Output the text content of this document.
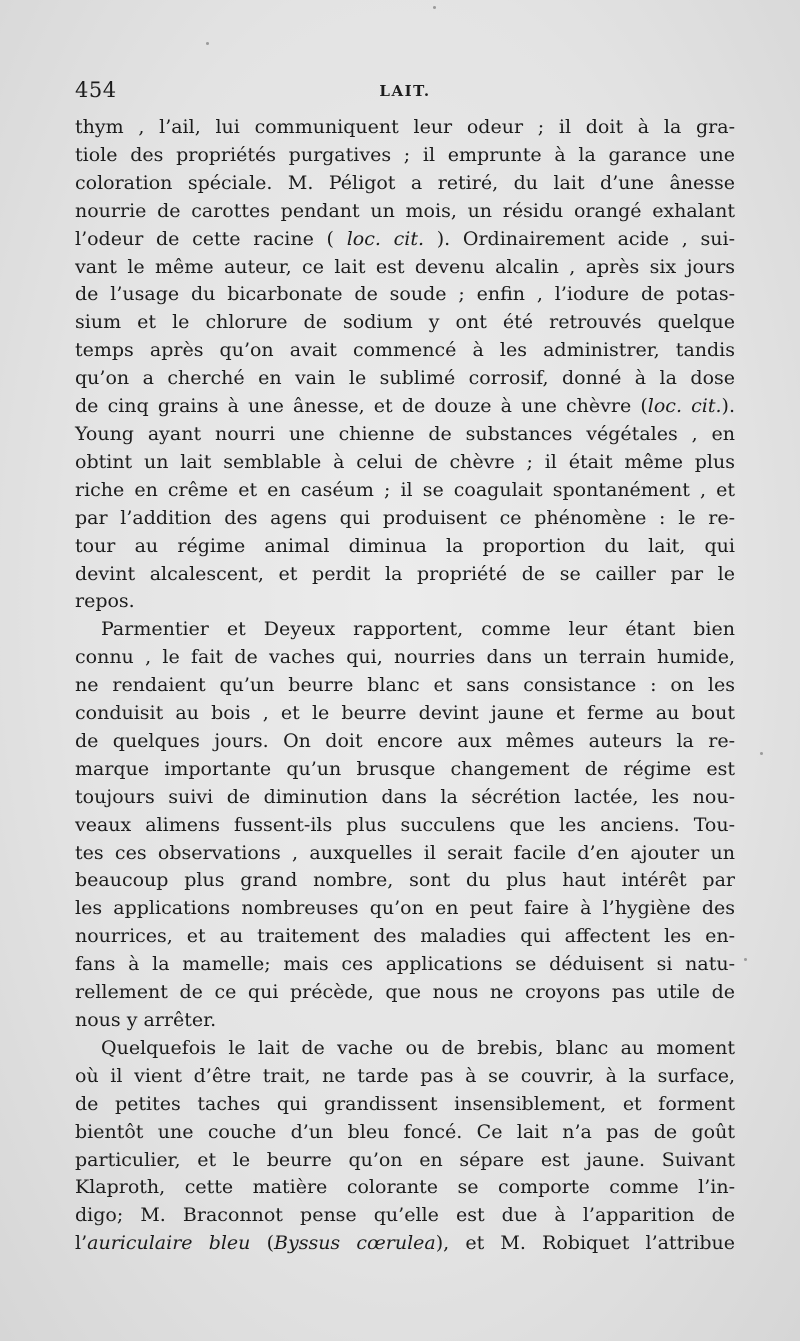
454	LAIT.

thym , l’ail, lui communiquent leur odeur ; il doit à la gra-
tiole des propriétés purgatives ; il emprunte à la garance une
coloration spéciale. M. Péligot a retiré, du lait d’une ânesse
nourrie de carottes pendant un mois, un résidu orangé exhalant
l’odeur de cette racine ( loc. cit. ). Ordinairement acide , sui-
vant le même auteur, ce lait est devenu alcalin , après six jours
de l’usage du bicarbonate de soude ; enfin , l’iodure de potas-
sium et le chlorure de sodium y ont été retrouvés quelque
temps après qu’on avait commencé à les administrer, tandis
qu’on a cherché en vain le sublimé corrosif, donné à la dose
de cinq grains à une ânesse, et de douze à une chèvre (loc. cit.).
Young ayant nourri une chienne de substances végétales , en
obtint un lait semblable à celui de chèvre ; il était même plus
riche en crême et en caséum ; il se coagulait spontanément , et
par l’addition des agens qui produisent ce phénomène : le re-
tour au régime animal diminua la proportion du lait, qui
devint alcalescent, et perdit la propriété de se cailler par le
repos.

Parmentier et Deyeux rapportent, comme leur étant bien
connu , le fait de vaches qui, nourries dans un terrain humide,
ne rendaient qu’un beurre blanc et sans consistance : on les
conduisit au bois , et le beurre devint jaune et ferme au bout
de quelques jours. On doit encore aux mêmes auteurs la re-
marque importante qu’un brusque changement de régime est
toujours suivi de diminution dans la sécrétion lactée, les nou-
veaux alimens fussent-ils plus succulens que les anciens. Tou-
tes ces observations , auxquelles il serait facile d’en ajouter un
beaucoup plus grand nombre, sont du plus haut intérêt par
les applications nombreuses qu’on en peut faire à l’hygiène des
nourrices, et au traitement des maladies qui affectent les en-
fans à la mamelle; mais ces applications se déduisent si natu-
rellement de ce qui précède, que nous ne croyons pas utile de
nous y arrêter.

Quelquefois le lait de vache ou de brebis, blanc au moment
où il vient d’être trait, ne tarde pas à se couvrir, à la surface,
de petites taches qui grandissent insensiblement, et forment
bientôt une couche d’un bleu foncé. Ce lait n’a pas de goût
particulier, et le beurre qu’on en sépare est jaune. Suivant
Klaproth, cette matière colorante se comporte comme l’in-
digo; M. Braconnot pense qu’elle est due à l’apparition de
l’auriculaire bleu (Byssus cœrulea), et M. Robiquet l’attribue
